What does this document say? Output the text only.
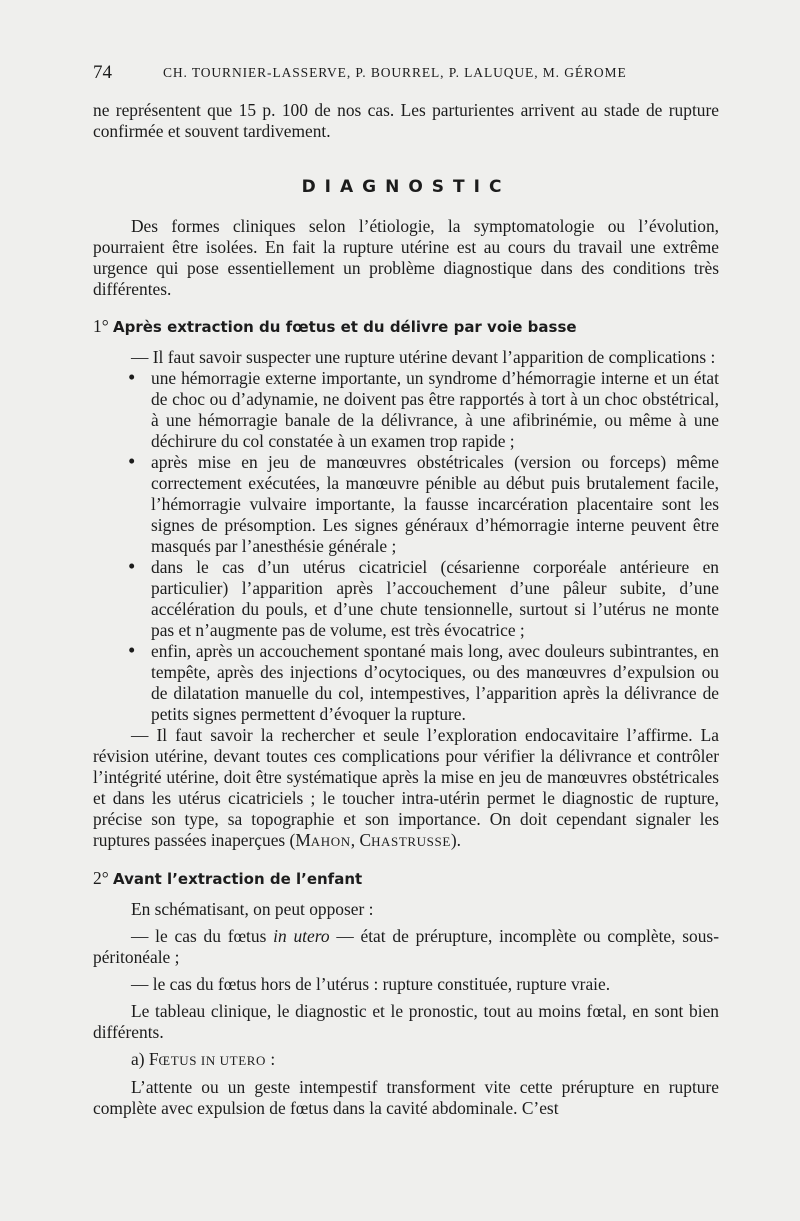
74	CH. TOURNIER-LASSERVE, P. BOURREL, P. LALUQUE, M. GÉROME

ne représentent que 15 p. 100 de nos cas. Les parturientes arrivent au stade de rupture confirmée et souvent tardivement.

DIAGNOSTIC

Des formes cliniques selon l’étiologie, la symptomatologie ou l’évolution, pourraient être isolées. En fait la rupture utérine est au cours du travail une extrême urgence qui pose essentiellement un problème diagnostique dans des conditions très différentes.

1° Après extraction du fœtus et du délivre par voie basse

— Il faut savoir suspecter une rupture utérine devant l’apparition de complications :

• une hémorragie externe importante, un syndrome d’hémorragie interne et un état de choc ou d’adynamie, ne doivent pas être rapportés à tort à un choc obstétrical, à une hémorragie banale de la délivrance, à une afibrinémie, ou même à une déchirure du col constatée à un examen trop rapide ;
• après mise en jeu de manœuvres obstétricales (version ou forceps) même correctement exécutées, la manœuvre pénible au début puis brutalement facile, l’hémorragie vulvaire importante, la fausse incarcération placentaire sont les signes de présomption. Les signes généraux d’hémorragie interne peuvent être masqués par l’anesthésie générale ;
• dans le cas d’un utérus cicatriciel (césarienne corporéale antérieure en particulier) l’apparition après l’accouchement d’une pâleur subite, d’une accélération du pouls, et d’une chute tensionnelle, surtout si l’utérus ne monte pas et n’augmente pas de volume, est très évocatrice ;
• enfin, après un accouchement spontané mais long, avec douleurs subintrantes, en tempête, après des injections d’ocytociques, ou des manœuvres d’expulsion ou de dilatation manuelle du col, intempestives, l’apparition après la délivrance de petits signes permettent d’évoquer la rupture.

— Il faut savoir la rechercher et seule l’exploration endocavitaire l’affirme. La révision utérine, devant toutes ces complications pour vérifier la délivrance et contrôler l’intégrité utérine, doit être systématique après la mise en jeu de manœuvres obstétricales et dans les utérus cicatriciels ; le toucher intra-utérin permet le diagnostic de rupture, précise son type, sa topographie et son importance. On doit cependant signaler les ruptures passées inaperçues (MAHON, CHASTRUSSE).

2° Avant l’extraction de l’enfant

En schématisant, on peut opposer :

— le cas du fœtus in utero — état de prérupture, incomplète ou complète, sous-péritonéale ;

— le cas du fœtus hors de l’utérus : rupture constituée, rupture vraie.

Le tableau clinique, le diagnostic et le pronostic, tout au moins fœtal, en sont bien différents.

a) FŒTUS IN UTERO :

L’attente ou un geste intempestif transforment vite cette prérupture en rupture complète avec expulsion de fœtus dans la cavité abdominale. C’est
